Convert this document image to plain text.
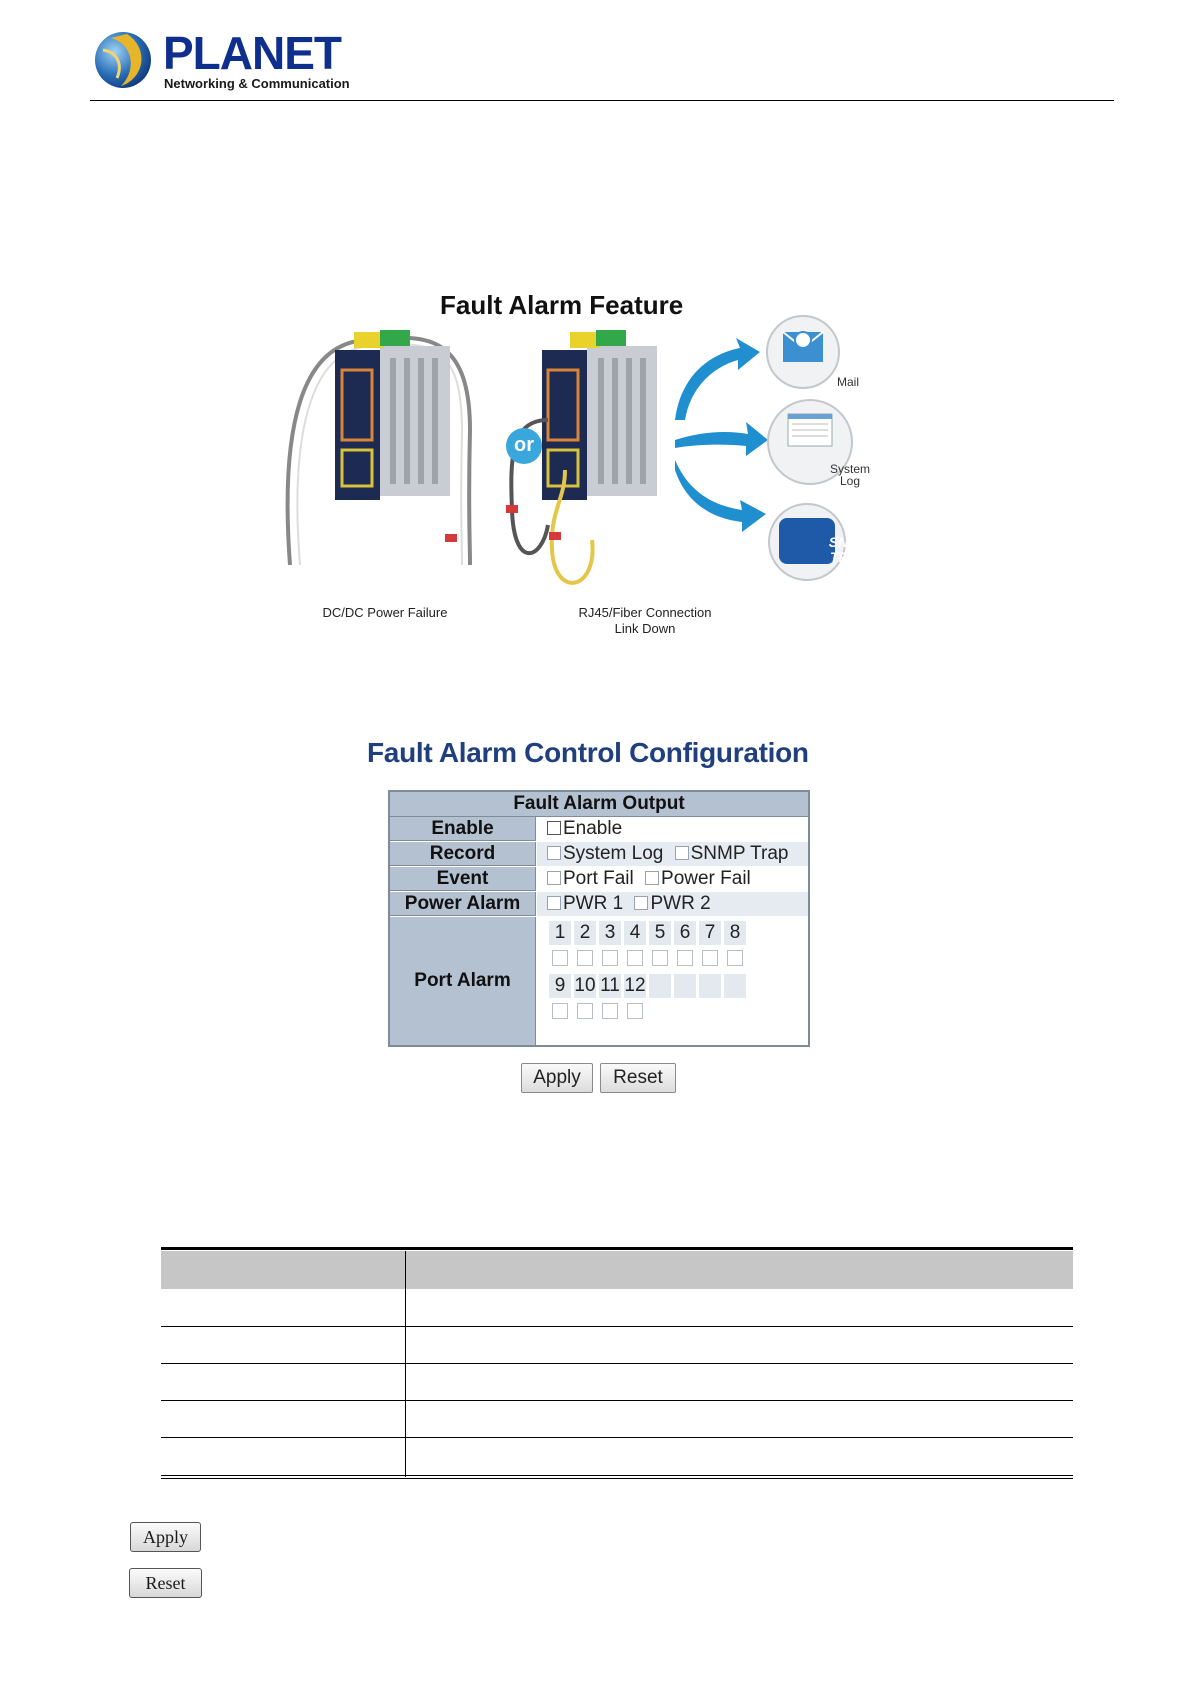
PLANET
Networking & Communication
Fault Alarm Feature
or
Mail
System
Log
SNMP
TRAP
DC/DC Power Failure	RJ45/Fiber Connection
Link Down
Fault Alarm Control Configuration
Fault Alarm Output
Enable	Enable
Record	System Log SNMP Trap
Event	Port Fail Power Fail
Power Alarm	PWR 1 PWR 2
Port Alarm
1 2 3 4 5 6 7 8
9 10 11 12
Apply	Reset
Apply
Reset
